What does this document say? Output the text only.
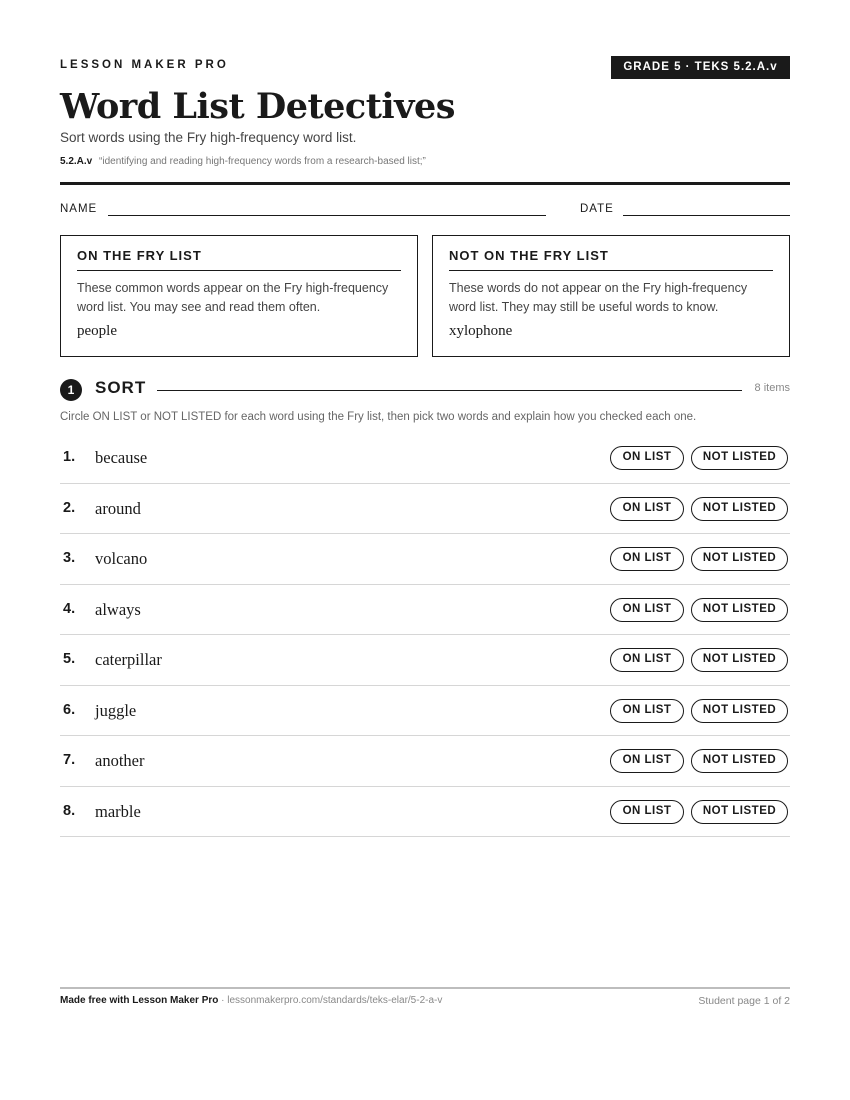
LESSON MAKER PRO	GRADE 5 · TEKS 5.2.A.v
Word List Detectives
Sort words using the Fry high-frequency word list.
5.2.A.v “identifying and reading high-frequency words from a research-based list;”
NAME	DATE
ON THE FRY LIST
These common words appear on the Fry high-frequency word list. You may see and read them often.
people
NOT ON THE FRY LIST
These words do not appear on the Fry high-frequency word list. They may still be useful words to know.
xylophone
1	SORT	8 items
Circle ON LIST or NOT LISTED for each word using the Fry list, then pick two words and explain how you checked each one.
1. because	ON LIST	NOT LISTED
2. around	ON LIST	NOT LISTED
3. volcano	ON LIST	NOT LISTED
4. always	ON LIST	NOT LISTED
5. caterpillar	ON LIST	NOT LISTED
6. juggle	ON LIST	NOT LISTED
7. another	ON LIST	NOT LISTED
8. marble	ON LIST	NOT LISTED
Made free with Lesson Maker Pro · lessonmakerpro.com/standards/teks-elar/5-2-a-v	Student page 1 of 2
